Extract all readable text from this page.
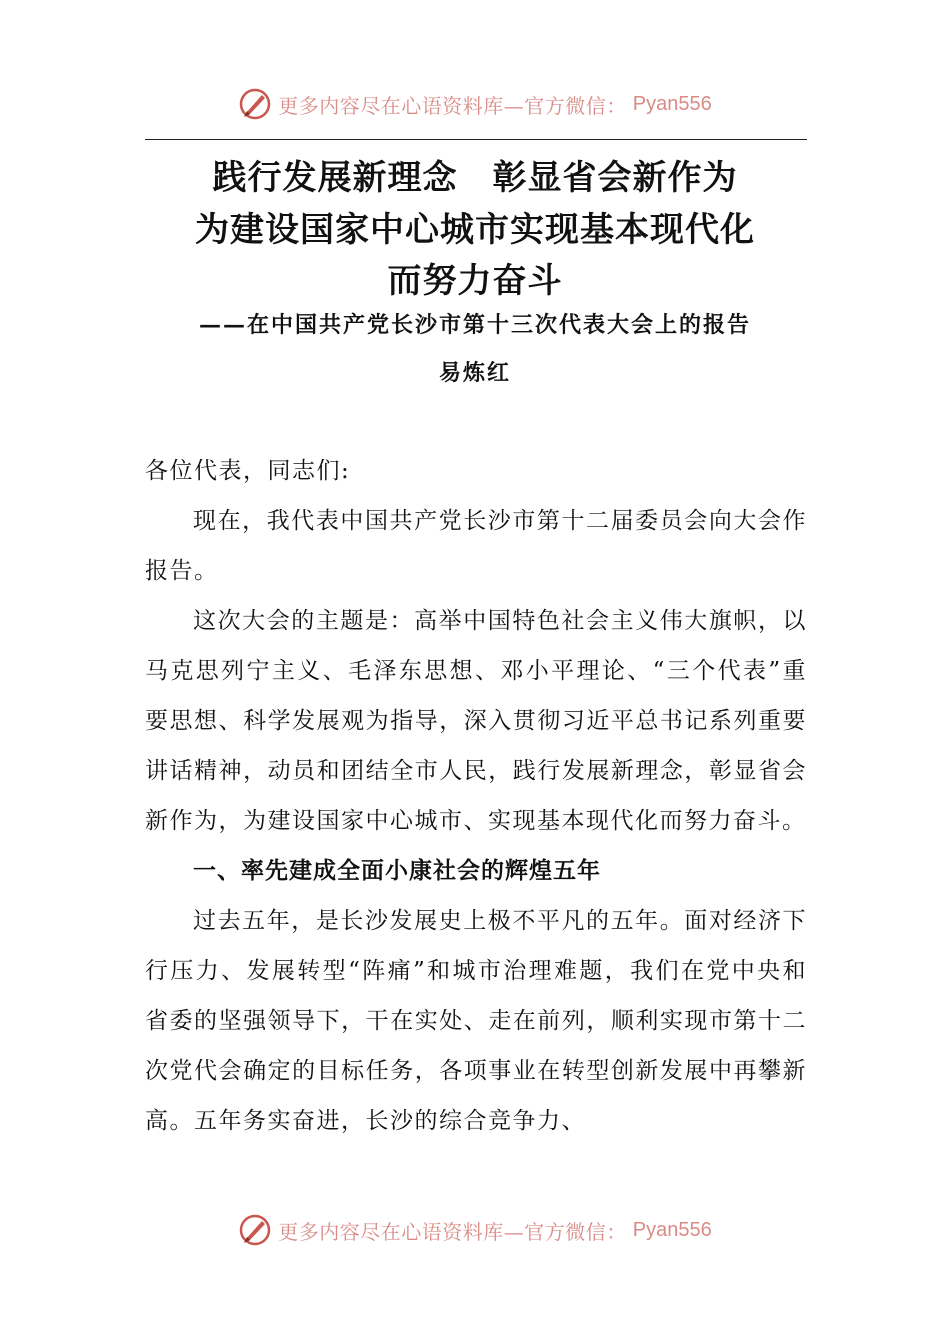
更多内容尽在心语资料库—官方微信： Pyan556
践行发展新理念　彰显省会新作为
为建设国家中心城市实现基本现代化
而努力奋斗
——在中国共产党长沙市第十三次代表大会上的报告
易炼红

各位代表，同志们:

现在，我代表中国共产党长沙市第十二届委员会向大会作报告。

这次大会的主题是：高举中国特色社会主义伟大旗帜，以马克思列宁主义、毛泽东思想、邓小平理论、“三个代表”重要思想、科学发展观为指导，深入贯彻习近平总书记系列重要讲话精神，动员和团结全市人民，践行发展新理念，彰显省会新作为，为建设国家中心城市、实现基本现代化而努力奋斗。

一、率先建成全面小康社会的辉煌五年

过去五年，是长沙发展史上极不平凡的五年。面对经济下行压力、发展转型“阵痛”和城市治理难题，我们在党中央和省委的坚强领导下，干在实处、走在前列，顺利实现市第十二次党代会确定的目标任务，各项事业在转型创新发展中再攀新高。五年务实奋进，长沙的综合竞争力、

更多内容尽在心语资料库—官方微信： Pyan556
